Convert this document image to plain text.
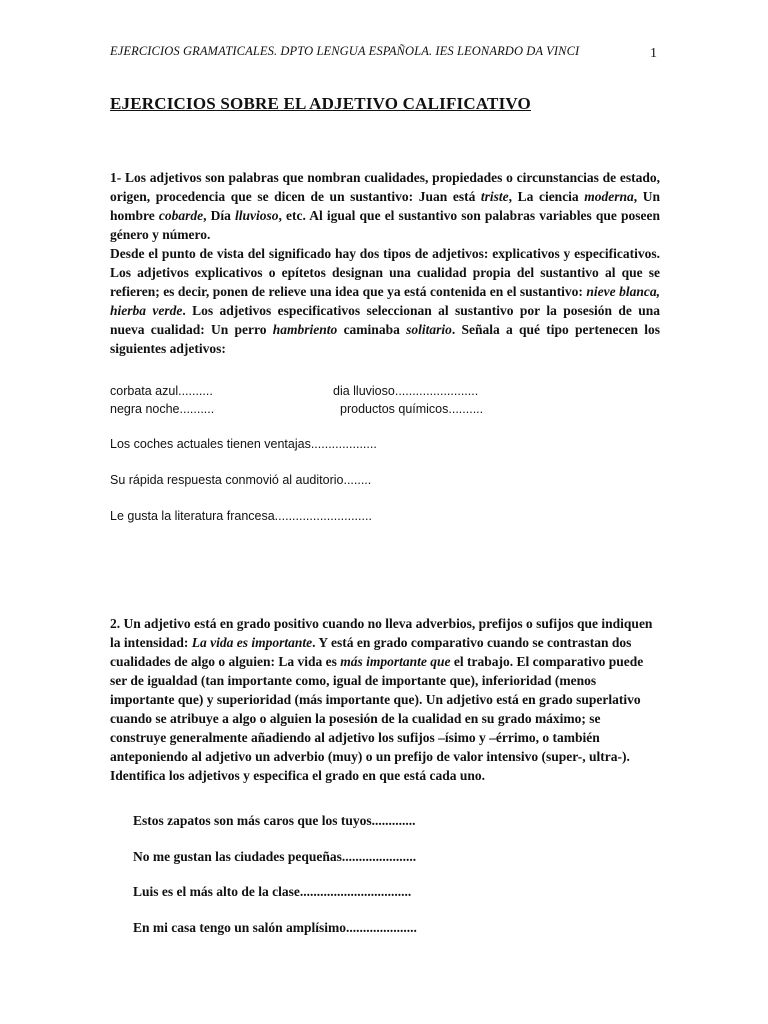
EJERCICIOS GRAMATICALES. DPTO LENGUA ESPAÑOLA. IES LEONARDO DA VINCI	1
EJERCICIOS SOBRE EL ADJETIVO CALIFICATIVO

1- Los adjetivos son palabras que nombran cualidades, propiedades o circunstancias de estado, origen, procedencia que se dicen de un sustantivo: Juan está triste, La ciencia moderna, Un hombre cobarde, Día lluvioso, etc. Al igual que el sustantivo son palabras variables que poseen género y número.

Desde el punto de vista del significado hay dos tipos de adjetivos: explicativos y especificativos. Los adjetivos explicativos o epítetos designan una cualidad propia del sustantivo al que se refieren; es decir, ponen de relieve una idea que ya está contenida en el sustantivo: nieve blanca, hierba verde. Los adjetivos especificativos seleccionan al sustantivo por la posesión de una nueva cualidad: Un perro hambriento caminaba solitario. Señala a qué tipo pertenecen los siguientes adjetivos:

corbata azul..........	dia lluvioso........................
negra noche..........	productos químicos..........
Los coches actuales tienen ventajas...................
Su rápida respuesta conmovió al auditorio........
Le gusta la literatura francesa............................

2. Un adjetivo está en grado positivo cuando no lleva adverbios, prefijos o sufijos que indiquen la intensidad: La vida es importante. Y está en grado comparativo cuando se contrastan dos cualidades de algo o alguien: La vida es más importante que el trabajo. El comparativo puede ser de igualdad (tan importante como, igual de importante que), inferioridad (menos importante que) y superioridad (más importante que). Un adjetivo está en grado superlativo cuando se atribuye a algo o alguien la posesión de la cualidad en su grado máximo; se construye generalmente añadiendo al adjetivo los sufijos –ísimo y –érrimo, o también anteponiendo al adjetivo un adverbio (muy) o un prefijo de valor intensivo (super-, ultra-). Identifica los adjetivos y especifica el grado en que está cada uno.

Estos zapatos son más caros que los tuyos.............
No me gustan las ciudades pequeñas......................
Luis es el más alto de la clase.................................
En mi casa tengo un salón amplísimo.....................
